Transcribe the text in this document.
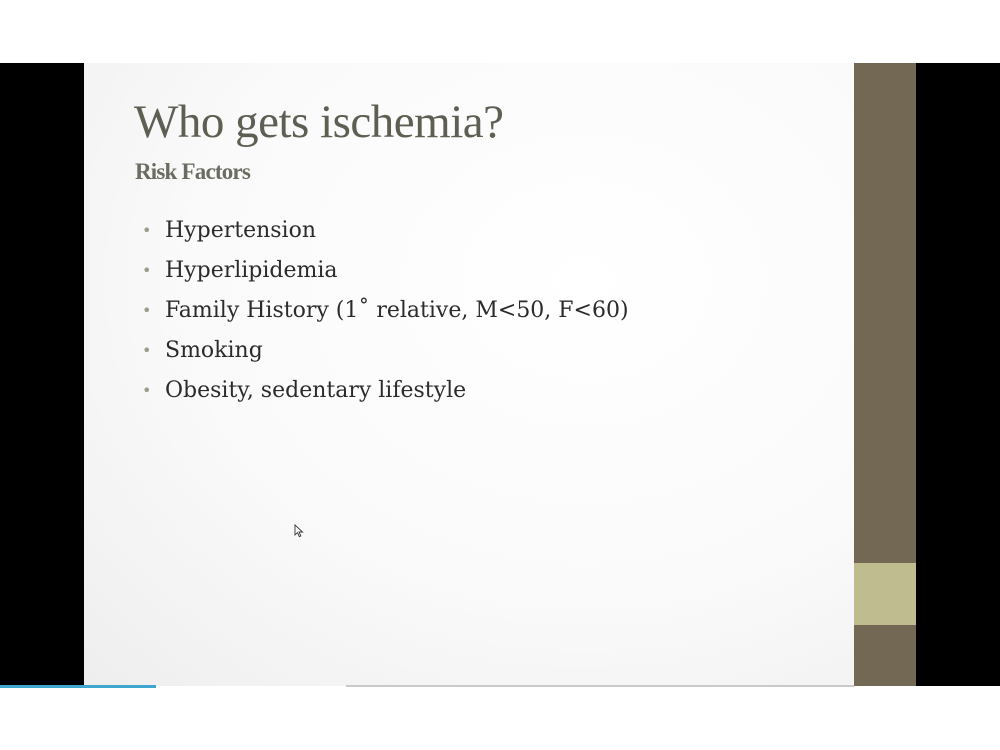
Who gets ischemia?
Risk Factors
• Hypertension
• Hyperlipidemia
• Family History (1˚ relative, M<50, F<60)
• Smoking
• Obesity, sedentary lifestyle
